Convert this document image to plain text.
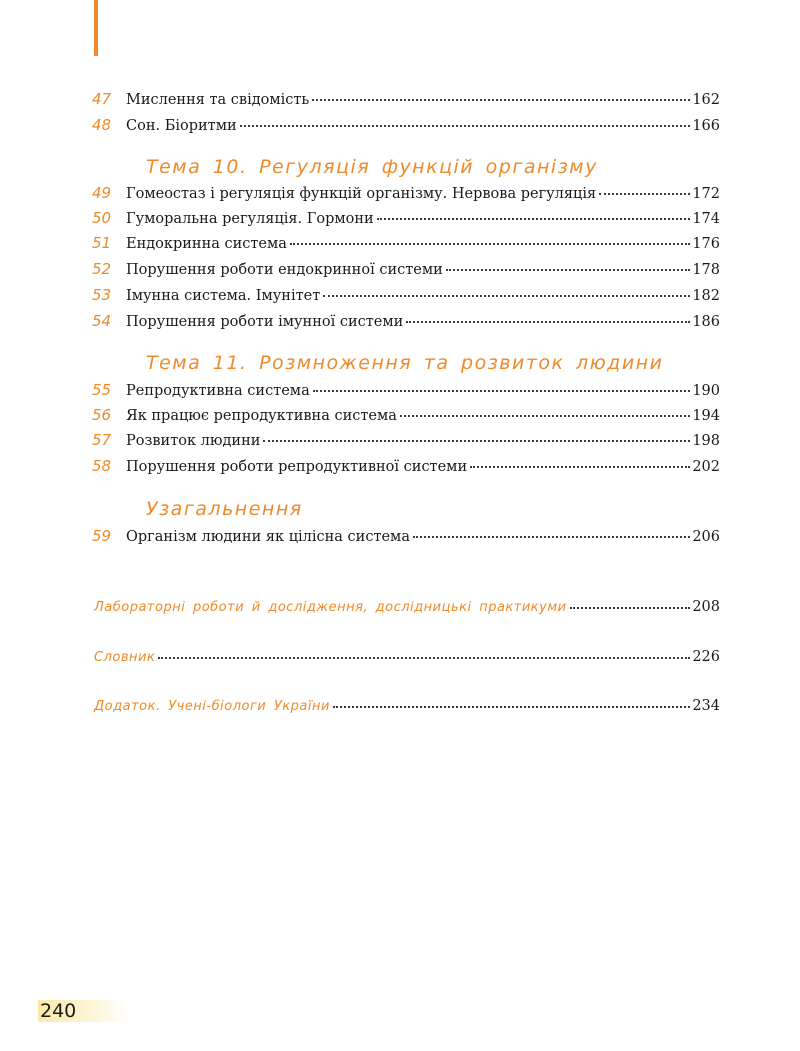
47	Мислення та свідомість	162
48	Сон. Біоритми	166
Тема 10. Регуляція функцій організму
49	Гомеостаз і регуляція функцій організму. Нервова регуляція	172
50	Гуморальна регуляція. Гормони	174
51	Ендокринна система	176
52	Порушення роботи ендокринної системи	178
53	Імунна система. Імунітет	182
54	Порушення роботи імунної системи	186
Тема 11. Розмноження та розвиток людини
55	Репродуктивна система	190
56	Як працює репродуктивна система	194
57	Розвиток людини	198
58	Порушення роботи репродуктивної системи	202
Узагальнення
59	Організм людини як цілісна система	206
Лабораторні роботи й дослідження, дослідницькі практикуми	208
Словник	226
Додаток. Учені-біологи України	234
240
